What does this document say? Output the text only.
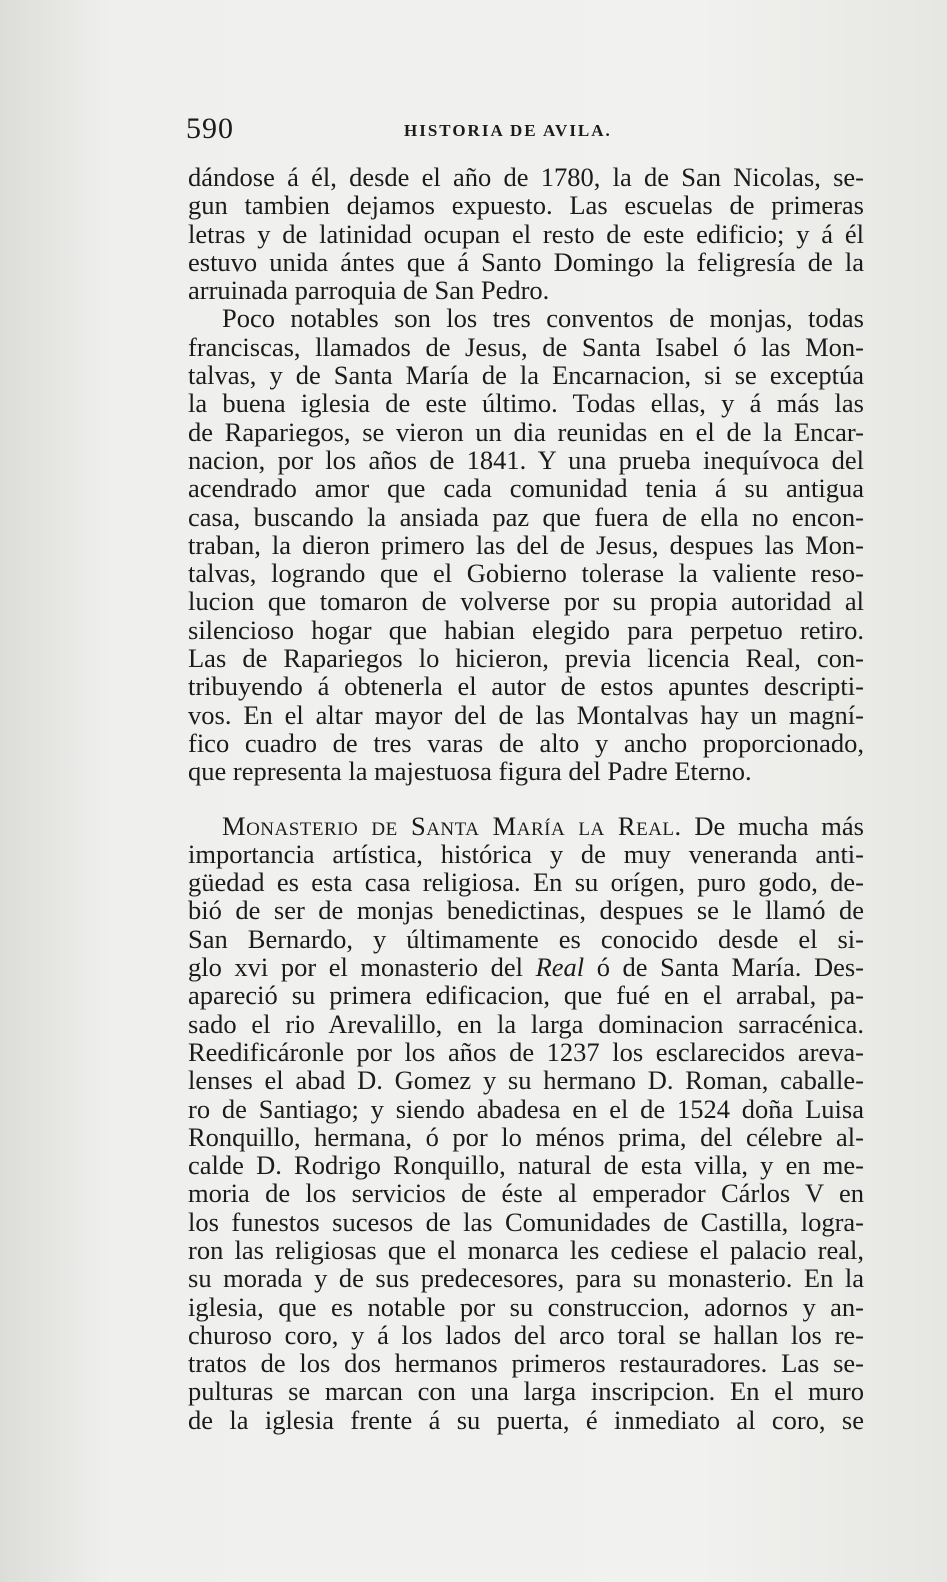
590	HISTORIA DE AVILA.
dándose á él, desde el año de 1780, la de San Nicolas, se-
gun tambien dejamos expuesto. Las escuelas de primeras
letras y de latinidad ocupan el resto de este edificio; y á él
estuvo unida ántes que á Santo Domingo la feligresía de la
arruinada parroquia de San Pedro.
Poco notables son los tres conventos de monjas, todas
franciscas, llamados de Jesus, de Santa Isabel ó las Mon-
talvas, y de Santa María de la Encarnacion, si se exceptúa
la buena iglesia de este último. Todas ellas, y á más las
de Rapariegos, se vieron un dia reunidas en el de la Encar-
nacion, por los años de 1841. Y una prueba inequívoca del
acendrado amor que cada comunidad tenia á su antigua
casa, buscando la ansiada paz que fuera de ella no encon-
traban, la dieron primero las del de Jesus, despues las Mon-
talvas, logrando que el Gobierno tolerase la valiente reso-
lucion que tomaron de volverse por su propia autoridad al
silencioso hogar que habian elegido para perpetuo retiro.
Las de Rapariegos lo hicieron, previa licencia Real, con-
tribuyendo á obtenerla el autor de estos apuntes descripti-
vos. En el altar mayor del de las Montalvas hay un magní-
fico cuadro de tres varas de alto y ancho proporcionado,
que representa la majestuosa figura del Padre Eterno.
Monasterio de Santa María la Real. De mucha más
importancia artística, histórica y de muy veneranda anti-
güedad es esta casa religiosa. En su orígen, puro godo, de-
bió de ser de monjas benedictinas, despues se le llamó de
San Bernardo, y últimamente es conocido desde el si-
glo xvi por el monasterio del Real ó de Santa María. Des-
apareció su primera edificacion, que fué en el arrabal, pa-
sado el rio Arevalillo, en la larga dominacion sarracénica.
Reedificáronle por los años de 1237 los esclarecidos areva-
lenses el abad D. Gomez y su hermano D. Roman, caballe-
ro de Santiago; y siendo abadesa en el de 1524 doña Luisa
Ronquillo, hermana, ó por lo ménos prima, del célebre al-
calde D. Rodrigo Ronquillo, natural de esta villa, y en me-
moria de los servicios de éste al emperador Cárlos V en
los funestos sucesos de las Comunidades de Castilla, logra-
ron las religiosas que el monarca les cediese el palacio real,
su morada y de sus predecesores, para su monasterio. En la
iglesia, que es notable por su construccion, adornos y an-
churoso coro, y á los lados del arco toral se hallan los re-
tratos de los dos hermanos primeros restauradores. Las se-
pulturas se marcan con una larga inscripcion. En el muro
de la iglesia frente á su puerta, é inmediato al coro, se
